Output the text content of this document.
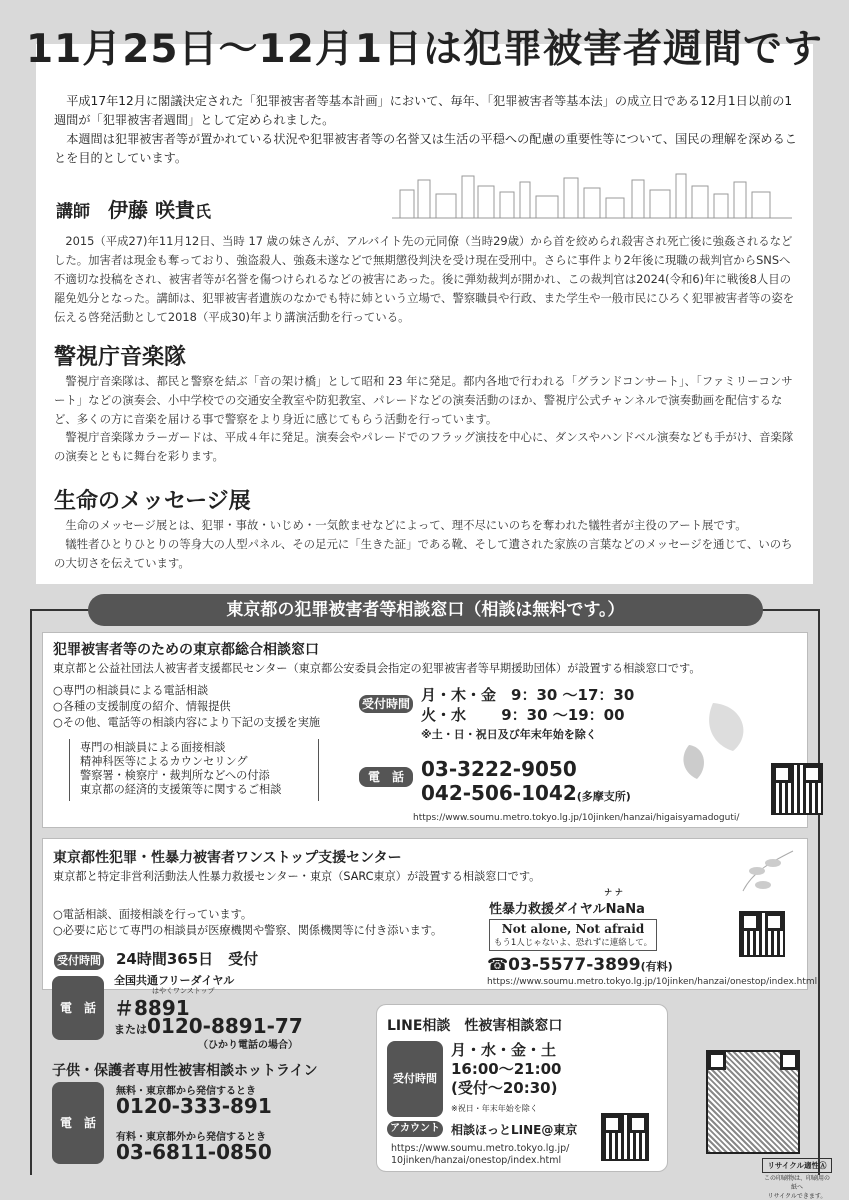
11月25日〜12月1日は犯罪被害者週間です

平成17年12月に閣議決定された「犯罪被害者等基本計画」において、毎年、「犯罪被害者等基本法」の成立日である12月1日以前の1週間が「犯罪被害者週間」として定められました。

本週間は犯罪被害者等が置かれている状況や犯罪被害者等の名誉又は生活の平穏への配慮の重要性等について、国民の理解を深めることを目的としています。

講師 伊藤 咲貴氏

2015（平成27)年11月12日、当時 17 歳の妹さんが、アルバイト先の元同僚（当時29歳）から首を絞められ殺害され死亡後に強姦されるなどした。加害者は現金も奪っており、強盗殺人、強姦未遂などで無期懲役判決を受け現在受刑中。さらに事件より2年後に現職の裁判官からSNSへ不適切な投稿をされ、被害者等が名誉を傷つけられるなどの被害にあった。後に弾劾裁判が開かれ、この裁判官は2024(令和6)年に戦後8人目の罷免処分となった。講師は、犯罪被害者遺族のなかでも特に姉という立場で、警察職員や行政、また学生や一般市民にひろく犯罪被害者等の姿を伝える啓発活動として2018（平成30)年より講演活動を行っている。

警視庁音楽隊

警視庁音楽隊は、都民と警察を結ぶ「音の架け橋」として昭和 23 年に発足。都内各地で行われる「グランドコンサート」、「ファミリーコンサート」などの演奏会、小中学校での交通安全教室や防犯教室、パレードなどの演奏活動のほか、警視庁公式チャンネルで演奏動画を配信するなど、多くの方に音楽を届ける事で警察をより身近に感じてもらう活動を行っています。

警視庁音楽隊カラーガードは、平成４年に発足。演奏会やパレードでのフラッグ演技を中心に、ダンスやハンドベル演奏なども手がけ、音楽隊の演奏とともに舞台を彩ります。

生命のメッセージ展

生命のメッセージ展とは、犯罪・事故・いじめ・一気飲ませなどによって、理不尽にいのちを奪われた犠牲者が主役のアート展です。

犠牲者ひとりひとりの等身大の人型パネル、その足元に「生きた証」である靴、そして遺された家族の言葉などのメッセージを通じて、いのちの大切さを伝えています。

東京都の犯罪被害者等相談窓口（相談は無料です。）
犯罪被害者等のための東京都総合相談窓口
東京都と公益社団法人被害者支援都民センター（東京都公安委員会指定の犯罪被害者等早期援助団体）が設置する相談窓口です。
○専門の相談員による電話相談
○各種の支援制度の紹介、情報提供
○その他、電話等の相談内容により下記の支援を実施
専門の相談員による面接相談
精神科医等によるカウンセリング
警察署・検察庁・裁判所などへの付添
東京都の経済的支援策等に関するご相談
受付時間 月・木・金　9：30 〜17：30
火・水　　 9：30 〜19：00
※土・日・祝日及び年末年始を除く
電　話 03-3222-9050
042-506-1042(多摩支所)
https://www.soumu.metro.tokyo.lg.jp/10jinken/hanzai/higaisyamadoguti/
東京都性犯罪・性暴力被害者ワンストップ支援センター
東京都と特定非営利活動法人性暴力救援センター・東京（SARC東京）が設置する相談窓口です。
○電話相談、面接相談を行っています。
○必要に応じて専門の相談員が医療機関や警察、関係機関等に付き添います。
ナ ナ
性暴力救援ダイヤルNaNa
Not alone, Not afraid
もう1人じゃないよ、恐れずに連絡して。
☎03-5577-3899(有料)
https://www.soumu.metro.tokyo.lg.jp/10jinken/hanzai/onestop/index.html
受付時間 24時間365日　受付
電　話
全国共通フリーダイヤル
はやくワンストップ
＃8891
または0120-8891-77
（ひかり電話の場合）
子供・保護者専用性被害相談ホットライン
電　話
無料・東京都から発信するとき
0120-333-891
有料・東京都外から発信するとき
03-6811-0850
LINE相談　性被害相談窓口
受付時間
月・水・金・土
16:00〜21:00
(受付〜20:30)
※祝日・年末年始を除く
アカウント 相談ほっとLINE@東京
https://www.soumu.metro.tokyo.lg.jp/
10jinken/hanzai/onestop/index.html	リサイクル適性Ⓐ
この印刷物は、印刷用の紙へ
リサイクルできます。
